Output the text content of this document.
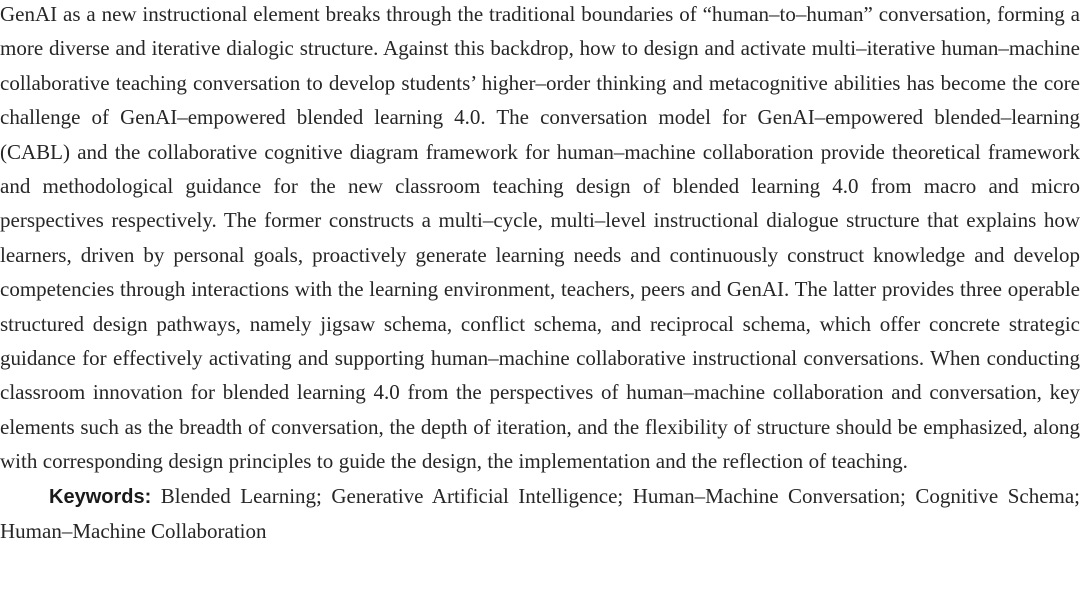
GenAI as a new instructional element breaks through the traditional boundaries of “human–to–human” conversation, forming a more diverse and iterative dialogic structure. Against this backdrop, how to design and activate multi–iterative human–machine collaborative teaching conversation to develop students’ higher–order thinking and metacognitive abilities has become the core challenge of GenAI–empowered blended learning 4.0. The conversation model for GenAI–empowered blended–learning (CABL) and the collaborative cognitive diagram framework for human–machine collaboration provide theoretical framework and methodological guidance for the new classroom teaching design of blended learning 4.0 from macro and micro perspectives respectively. The former constructs a multi–cycle, multi–level instructional dialogue structure that explains how learners, driven by personal goals, proactively generate learning needs and continuously construct knowledge and develop competencies through interactions with the learning environment, teachers, peers and GenAI. The latter provides three operable structured design pathways, namely jigsaw schema, conflict schema, and reciprocal schema, which offer concrete strategic guidance for effectively activating and supporting human–machine collaborative instructional conversations. When conducting classroom innovation for blended learning 4.0 from the perspectives of human–machine collaboration and conversation, key elements such as the breadth of conversation, the depth of iteration, and the flexibility of structure should be emphasized, along with corresponding design principles to guide the design, the implementation and the reflection of teaching.

Keywords: Blended Learning; Generative Artificial Intelligence; Human–Machine Conversation; Cognitive Schema; Human–Machine Collaboration
